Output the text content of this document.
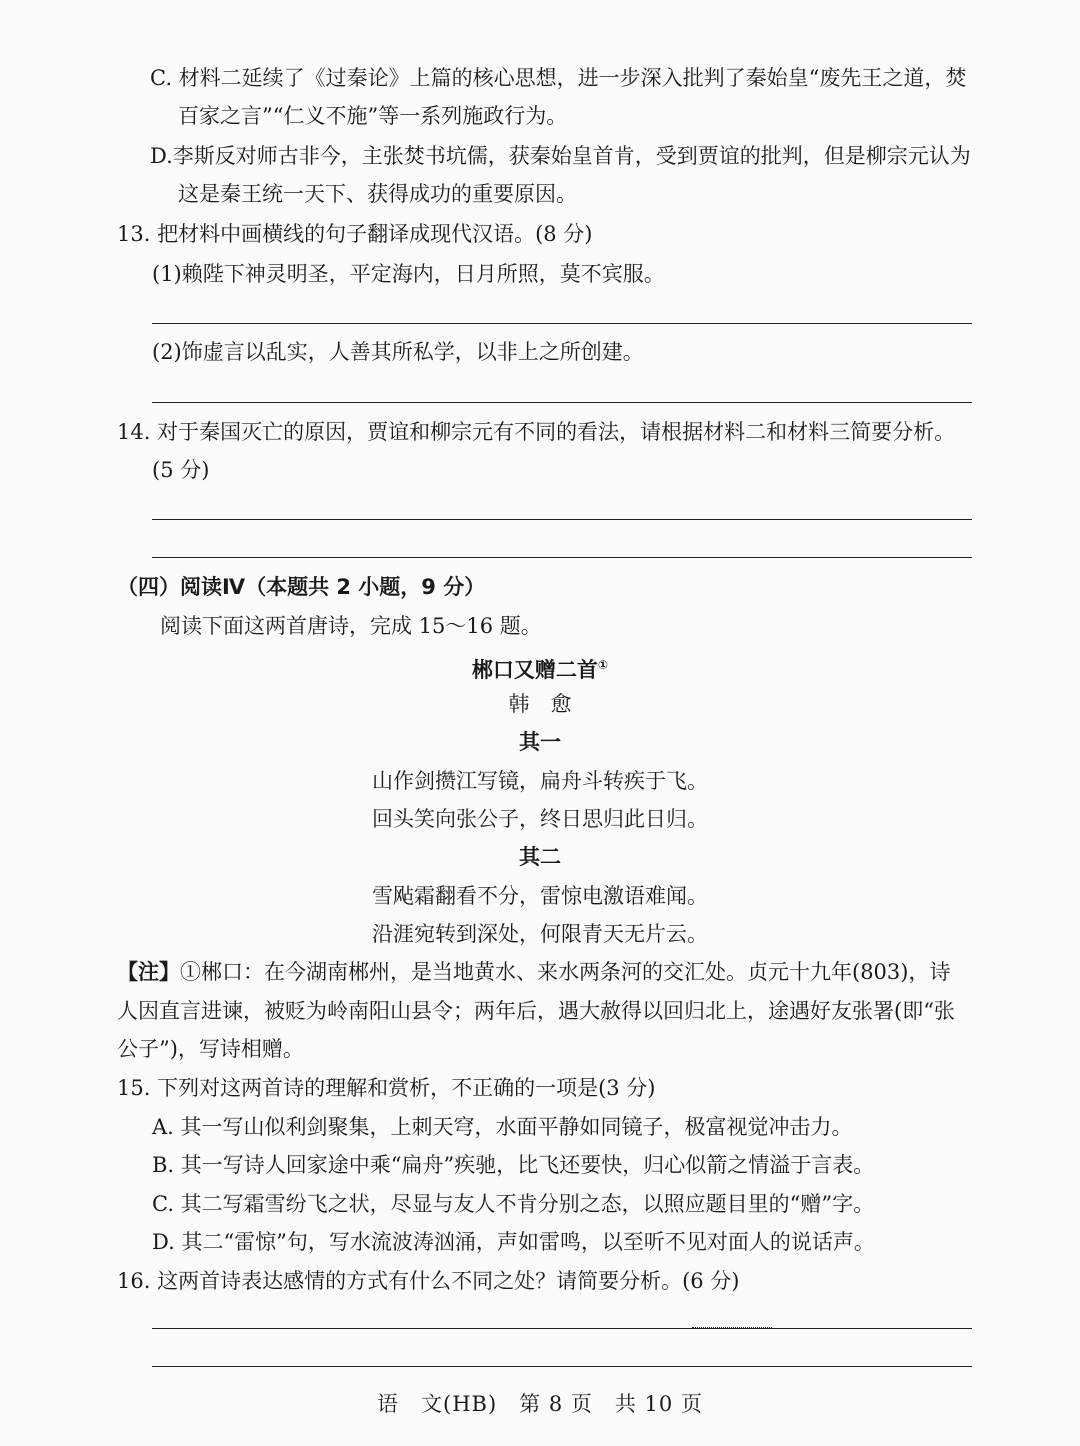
C. 材料二延续了《过秦论》上篇的核心思想，进一步深入批判了秦始皇“废先王之道，焚
百家之言”“仁义不施”等一系列施政行为。
D.李斯反对师古非今，主张焚书坑儒，获秦始皇首肯，受到贾谊的批判，但是柳宗元认为
这是秦王统一天下、获得成功的重要原因。
13. 把材料中画横线的句子翻译成现代汉语。(8 分)
(1)赖陛下神灵明圣，平定海内，日月所照，莫不宾服。
(2)饰虚言以乱实，人善其所私学，以非上之所创建。
14. 对于秦国灭亡的原因，贾谊和柳宗元有不同的看法，请根据材料二和材料三简要分析。
(5 分)
（四）阅读Ⅳ（本题共 2 小题，9 分）
阅读下面这两首唐诗，完成 15～16 题。
郴口又赠二首①
韩　愈
其一
山作剑攒江写镜，扁舟斗转疾于飞。
回头笑向张公子，终日思归此日归。
其二
雪飐霜翻看不分，雷惊电激语难闻。
沿涯宛转到深处，何限青天无片云。
【注】①郴口：在今湖南郴州，是当地黄水、来水两条河的交汇处。贞元十九年(803)，诗
人因直言进谏，被贬为岭南阳山县令；两年后，遇大赦得以回归北上，途遇好友张署(即“张
公子”)，写诗相赠。
15. 下列对这两首诗的理解和赏析，不正确的一项是(3 分)
A. 其一写山似利剑聚集，上刺天穹，水面平静如同镜子，极富视觉冲击力。
B. 其一写诗人回家途中乘“扁舟”疾驰，比飞还要快，归心似箭之情溢于言表。
C. 其二写霜雪纷飞之状，尽显与友人不肯分别之态，以照应题目里的“赠”字。
D. 其二“雷惊”句，写水流波涛汹涌，声如雷鸣，以至听不见对面人的说话声。
16. 这两首诗表达感情的方式有什么不同之处？请简要分析。(6 分)
语　文(HB)　第 8 页　共 10 页
